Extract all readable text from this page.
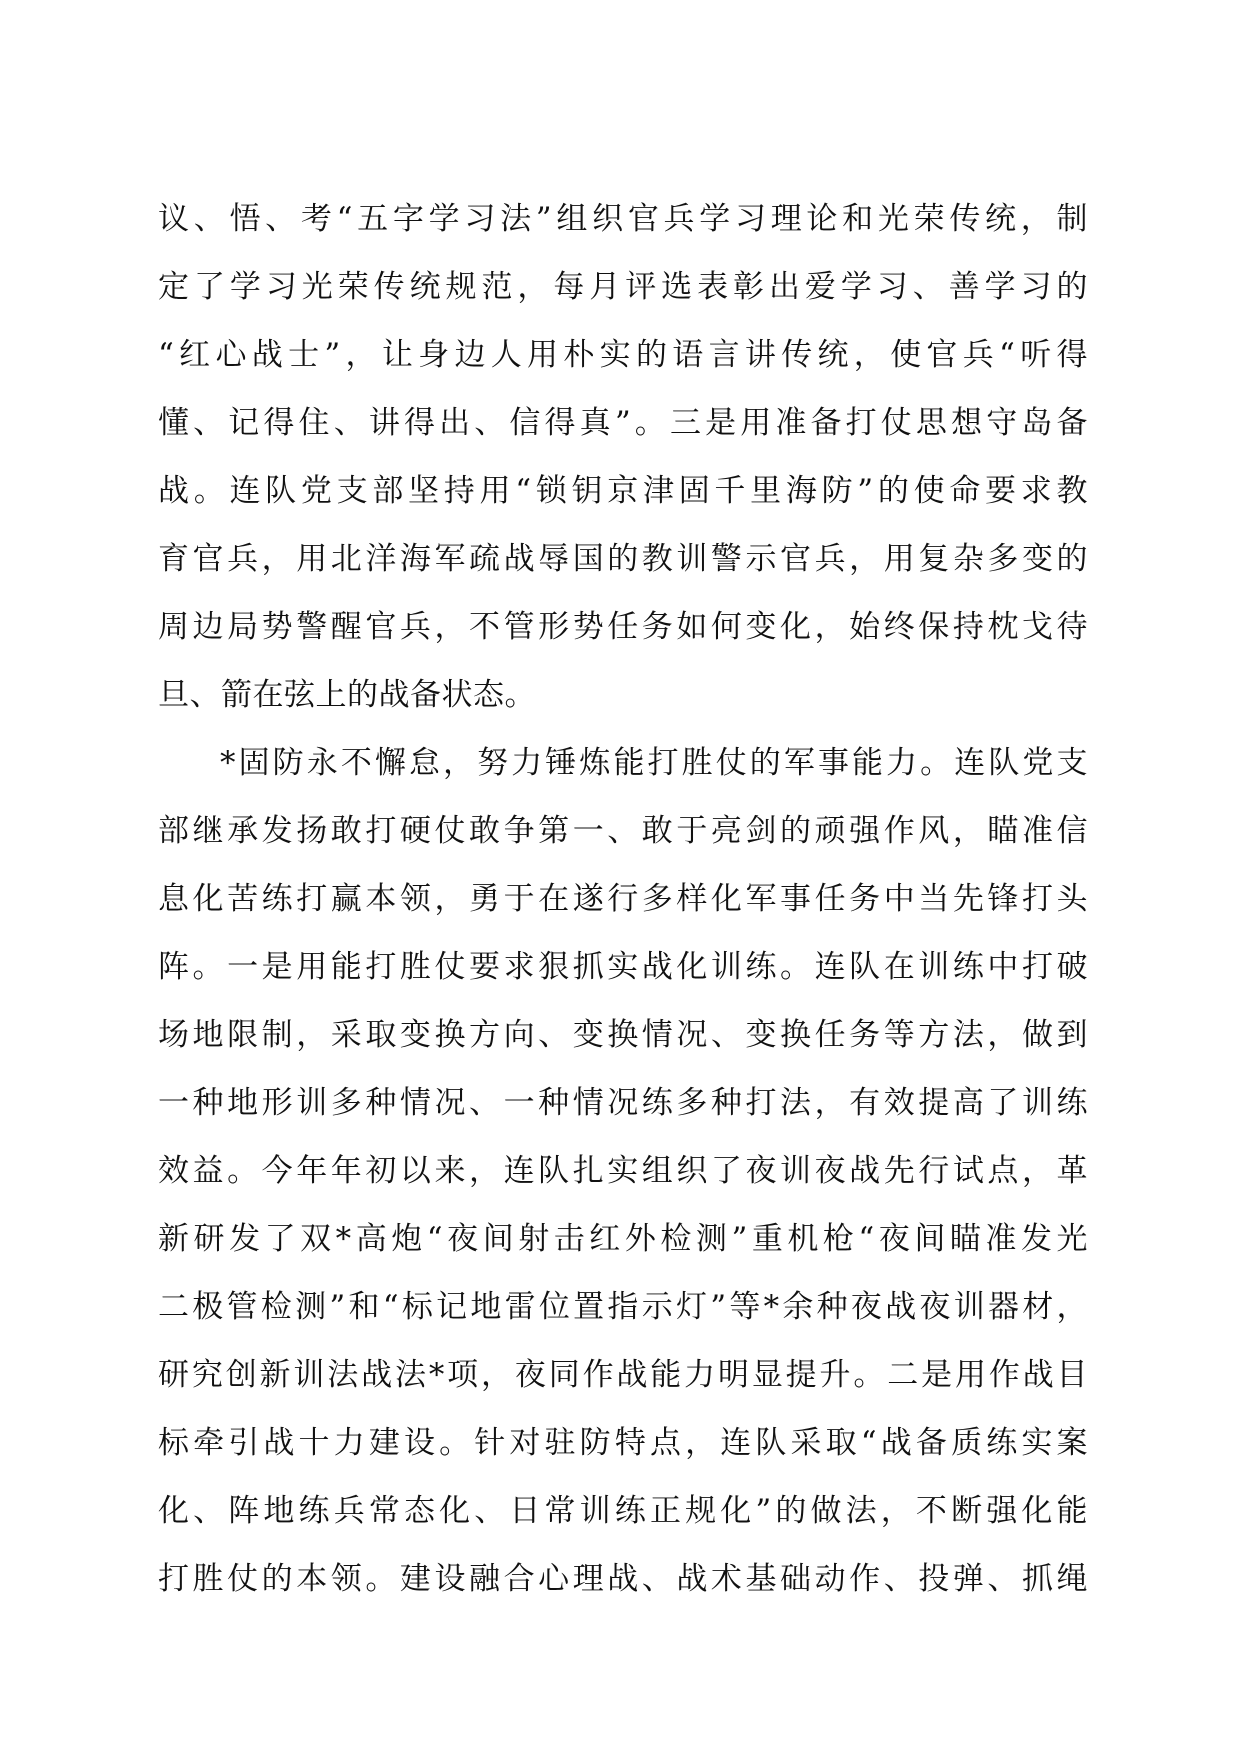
议、悟、考“五字学习法”组织官兵学习理论和光荣传统，制
定了学习光荣传统规范，每月评选表彰出爱学习、善学习的
“红心战士”，让身边人用朴实的语言讲传统，使官兵“听得
懂、记得住、讲得出、信得真”。三是用准备打仗思想守岛备
战。连队党支部坚持用“锁钥京津固千里海防”的使命要求教
育官兵，用北洋海军疏战辱国的教训警示官兵，用复杂多变的
周边局势警醒官兵，不管形势任务如何变化，始终保持枕戈待
旦、箭在弦上的战备状态。
*固防永不懈怠，努力锤炼能打胜仗的军事能力。连队党支
部继承发扬敢打硬仗敢争第一、敢于亮剑的顽强作风，瞄准信
息化苦练打赢本领，勇于在遂行多样化军事任务中当先锋打头
阵。一是用能打胜仗要求狠抓实战化训练。连队在训练中打破
场地限制，采取变换方向、变换情况、变换任务等方法，做到
一种地形训多种情况、一种情况练多种打法，有效提高了训练
效益。今年年初以来，连队扎实组织了夜训夜战先行试点，革
新研发了双*高炮“夜间射击红外检测”重机枪“夜间瞄准发光
二极管检测”和“标记地雷位置指示灯”等*余种夜战夜训器材，
研究创新训法战法*项，夜同作战能力明显提升。二是用作战目
标牵引战十力建设。针对驻防特点，连队采取“战备质练实案
化、阵地练兵常态化、日常训练正规化”的做法，不断强化能
打胜仗的本领。建设融合心理战、战术基础动作、投弹、抓绳
